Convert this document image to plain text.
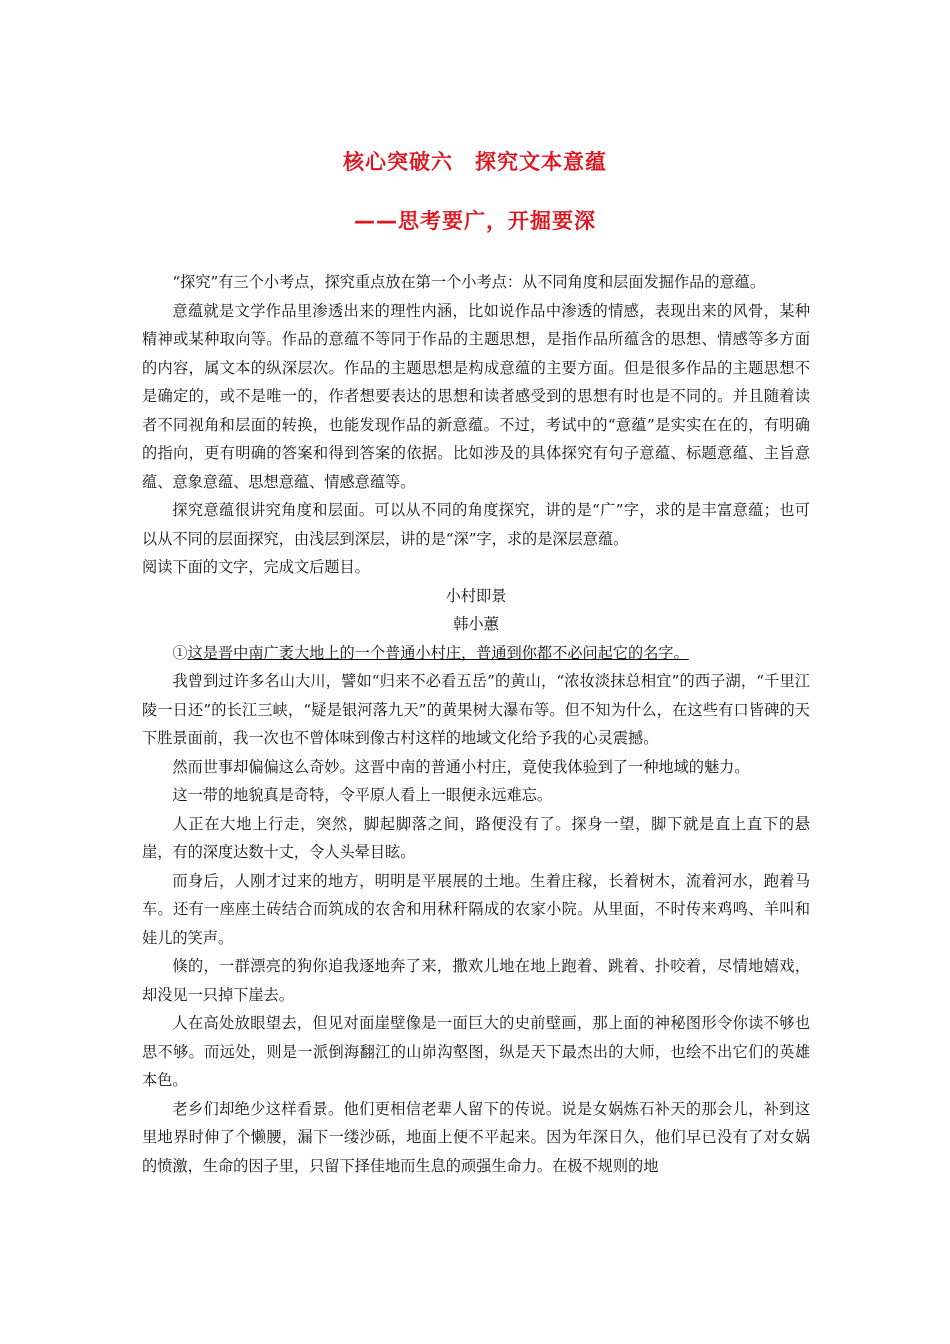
核心突破六　探究文本意蕴
——思考要广，开掘要深

“探究”有三个小考点，探究重点放在第一个小考点：从不同角度和层面发掘作品的意蕴。

意蕴就是文学作品里渗透出来的理性内涵，比如说作品中渗透的情感，表现出来的风骨，某种精神或某种取向等。作品的意蕴不等同于作品的主题思想，是指作品所蕴含的思想、情感等多方面的内容，属文本的纵深层次。作品的主题思想是构成意蕴的主要方面。但是很多作品的主题思想不是确定的，或不是唯一的，作者想要表达的思想和读者感受到的思想有时也是不同的。并且随着读者不同视角和层面的转换，也能发现作品的新意蕴。不过，考试中的“意蕴”是实实在在的，有明确的指向，更有明确的答案和得到答案的依据。比如涉及的具体探究有句子意蕴、标题意蕴、主旨意蕴、意象意蕴、思想意蕴、情感意蕴等。

探究意蕴很讲究角度和层面。可以从不同的角度探究，讲的是“广”字，求的是丰富意蕴；也可以从不同的层面探究，由浅层到深层，讲的是“深”字，求的是深层意蕴。

阅读下面的文字，完成文后题目。

小村即景

韩小蕙

①这是晋中南广袤大地上的一个普通小村庄，普通到你都不必问起它的名字。

我曾到过许多名山大川，譬如“归来不必看五岳”的黄山，“浓妆淡抹总相宜”的西子湖，“千里江陵一日还”的长江三峡，“疑是银河落九天”的黄果树大瀑布等。但不知为什么，在这些有口皆碑的天下胜景面前，我一次也不曾体味到像古村这样的地域文化给予我的心灵震撼。

然而世事却偏偏这么奇妙。这晋中南的普通小村庄，竟使我体验到了一种地域的魅力。

这一带的地貌真是奇特，令平原人看上一眼便永远难忘。

人正在大地上行走，突然，脚起脚落之间，路便没有了。探身一望，脚下就是直上直下的悬崖，有的深度达数十丈，令人头晕目眩。

而身后，人刚才过来的地方，明明是平展展的土地。生着庄稼，长着树木，流着河水，跑着马车。还有一座座土砖结合而筑成的农舍和用秫秆隔成的农家小院。从里面，不时传来鸡鸣、羊叫和娃儿的笑声。

倏的，一群漂亮的狗你追我逐地奔了来，撒欢儿地在地上跑着、跳着、扑咬着，尽情地嬉戏，却没见一只掉下崖去。

人在高处放眼望去，但见对面崖壁像是一面巨大的史前壁画，那上面的神秘图形令你读不够也思不够。而远处，则是一派倒海翻江的山峁沟壑图，纵是天下最杰出的大师，也绘不出它们的英雄本色。

老乡们却绝少这样看景。他们更相信老辈人留下的传说。说是女娲炼石补天的那会儿，补到这里地界时伸了个懒腰，漏下一缕沙砾，地面上便不平起来。因为年深日久，他们早已没有了对女娲的愤激，生命的因子里，只留下择佳地而生息的顽强生命力。在极不规则的地
